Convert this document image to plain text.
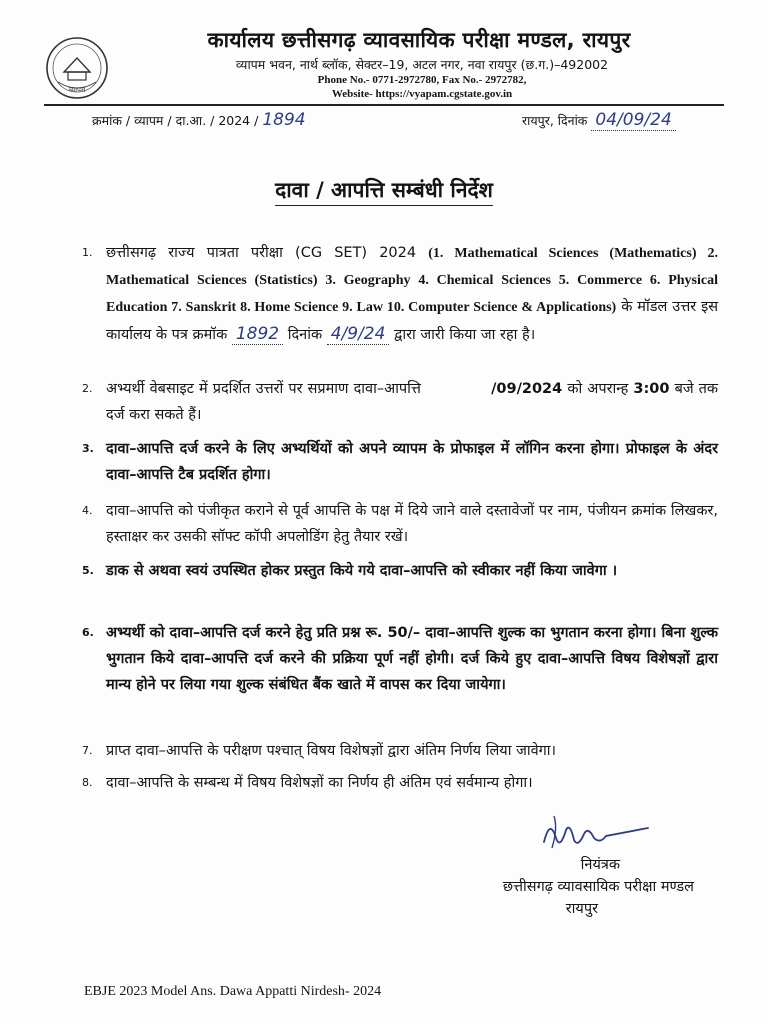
व्यापम
कार्यालय छत्तीसगढ़ व्यावसायिक परीक्षा मण्डल, रायपुर
व्यापम भवन, नार्थ ब्लॉक, सेक्टर–19, अटल नगर, नवा रायपुर (छ.ग.)–492002
Phone No.- 0771-2972780, Fax No.- 2972782,
Website- https://vyapam.cgstate.gov.in
क्रमांक / व्यापम / दा.आ. / 2024 / 1894	रायपुर, दिनांक 04/09/24
दावा / आपत्ति सम्बंधी निर्देश
1. छत्तीसगढ़ राज्य पात्रता परीक्षा (CG SET) 2024 (1. Mathematical Sciences (Mathematics) 2. Mathematical Sciences (Statistics) 3. Geography 4. Chemical Sciences 5. Commerce 6. Physical Education 7. Sanskrit 8. Home Science 9. Law 10. Computer Science & Applications) के मॉडल उत्तर इस कार्यालय के पत्र क्रमॉक 1892 दिनांक 4/9/24 द्वारा जारी किया जा रहा है।
2. अभ्यर्थी वेबसाइट में प्रदर्शित उत्तरों पर सप्रमाण दावा–आपत्ति	/09/2024 को अपरान्ह 3:00 बजे तक दर्ज करा सकते हैं।
3. दावा–आपत्ति दर्ज करने के लिए अभ्यर्थियों को अपने व्यापम के प्रोफाइल में लॉगिन करना होगा। प्रोफाइल के अंदर दावा–आपत्ति टैब प्रदर्शित होगा।
4. दावा–आपत्ति को पंजीकृत कराने से पूर्व आपत्ति के पक्ष में दिये जाने वाले दस्तावेजों पर नाम, पंजीयन क्रमांक लिखकर, हस्ताक्षर कर उसकी सॉफ्ट कॉपी अपलोडिंग हेतु तैयार रखें।
5. डाक से अथवा स्वयं उपस्थित होकर प्रस्तुत किये गये दावा–आपत्ति को स्वीकार नहीं किया जावेगा ।
6. अभ्यर्थी को दावा–आपत्ति दर्ज करने हेतु प्रति प्रश्न रू. 50/– दावा–आपत्ति शुल्क का भुगतान करना होगा। बिना शुल्क भुगतान किये दावा–आपत्ति दर्ज करने की प्रक्रिया पूर्ण नहीं होगी। दर्ज किये हुए दावा–आपत्ति विषय विशेषज्ञों द्वारा मान्य होने पर लिया गया शुल्क संबंधित बैंक खाते में वापस कर दिया जायेगा।
7. प्राप्त दावा–आपत्ति के परीक्षण पश्चात् विषय विशेषज्ञों द्वारा अंतिम निर्णय लिया जावेगा।
8. दावा–आपत्ति के सम्बन्ध में विषय विशेषज्ञों का निर्णय ही अंतिम एवं सर्वमान्य होगा।
नियंत्रक
छत्तीसगढ़ व्यावसायिक परीक्षा मण्डल
रायपुर
EBJE 2023 Model Ans. Dawa Appatti Nirdesh- 2024
